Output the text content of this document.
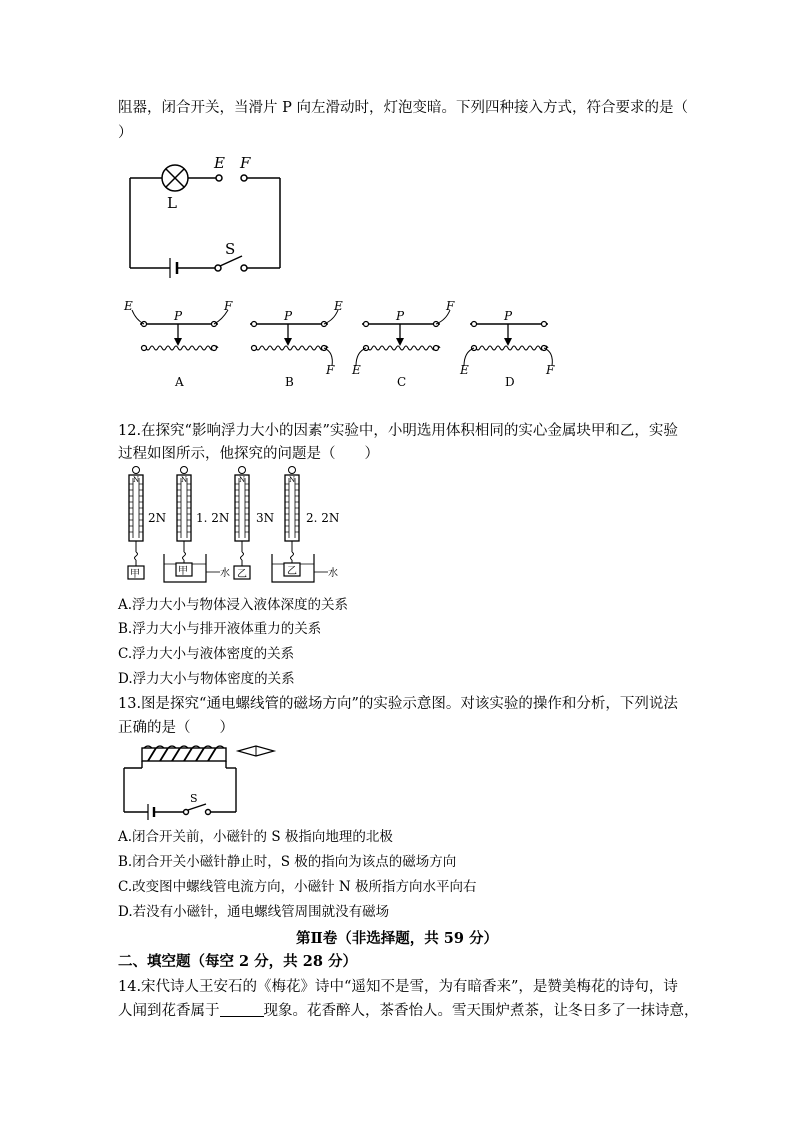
阻器，闭合开关，当滑片 P 向左滑动时，灯泡变暗。下列四种接入方式，符合要求的是（
）
L
E F
S
E	F
P
A
E
F
P
B
F
E
P
C
E	F
P
D
12.在探究“影响浮力大小的因素”实验中，小明选用体积相同的实心金属块甲和乙，实验
过程如图所示，他探究的问题是（　　）
N
甲
2N
N
甲
1. 2N
水
N
乙
3N
N
乙
2. 2N
水
A.浮力大小与物体浸入液体深度的关系
B.浮力大小与排开液体重力的关系
C.浮力大小与液体密度的关系
D.浮力大小与物体密度的关系
13.图是探究“通电螺线管的磁场方向”的实验示意图。对该实验的操作和分析，下列说法
正确的是（　　）
S
A.闭合开关前，小磁针的 S 极指向地理的北极
B.闭合开关小磁针静止时，S 极的指向为该点的磁场方向
C.改变图中螺线管电流方向，小磁针 N 极所指方向水平向右
D.若没有小磁针，通电螺线管周围就没有磁场
第Ⅱ卷（非选择题，共 59 分）
二、填空题（每空 2 分，共 28 分）
14.宋代诗人王安石的《梅花》诗中“遥知不是雪，为有暗香来”，是赞美梅花的诗句，诗
人闻到花香属于	现象。花香醉人，茶香怡人。雪天围炉煮茶，让冬日多了一抹诗意，
